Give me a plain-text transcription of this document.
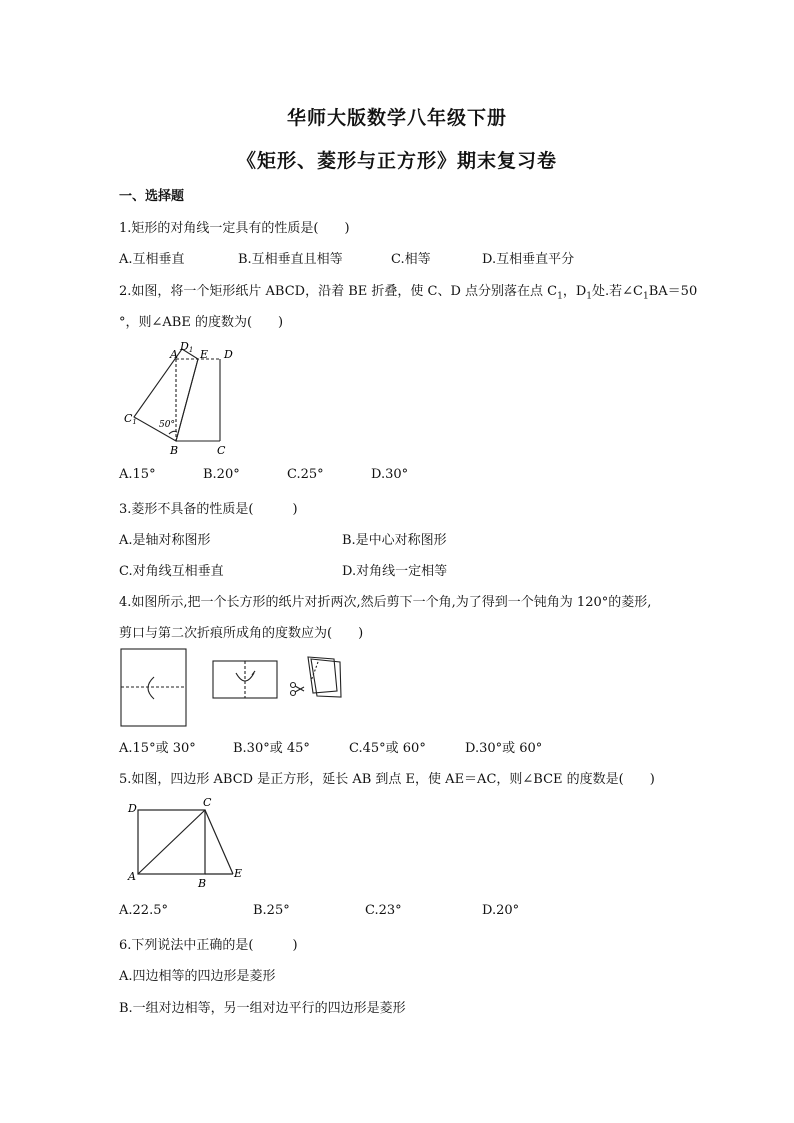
华师大版数学八年级下册
《矩形、菱形与正方形》期末复习卷
一、选择题
1.矩形的对角线一定具有的性质是(　　)
A.互相垂直	B.互相垂直且相等	C.相等	D.互相垂直平分
2.如图，将一个矩形纸片 ABCD，沿着 BE 折叠，使 C、D 点分别落在点 $C_1$，$D_1$处.若$\angle C_1BA=50$
°，则∠ABE 的度数为(　　)
A
D1 E D
C1
B	C
50°
A.15°	B.20°	C.25°	D.30°
3.菱形不具备的性质是(　　　)
A.是轴对称图形	B.是中心对称图形
C.对角线互相垂直	D.对角线一定相等
4.如图所示,把一个长方形的纸片对折两次,然后剪下一个角,为了得到一个钝角为 120°的菱形,
剪口与第二次折痕所成角的度数应为(　　)
A.15°或 30°	B.30°或 45°	C.45°或 60°	D.30°或 60°
5.如图，四边形 ABCD 是正方形，延长 AB 到点 E，使 AE＝AC，则∠BCE 的度数是(　　)
D	C
A
B
E
A.22.5°	B.25°	C.23°	D.20°
6.下列说法中正确的是(　　　)
A.四边相等的四边形是菱形
B.一组对边相等，另一组对边平行的四边形是菱形
